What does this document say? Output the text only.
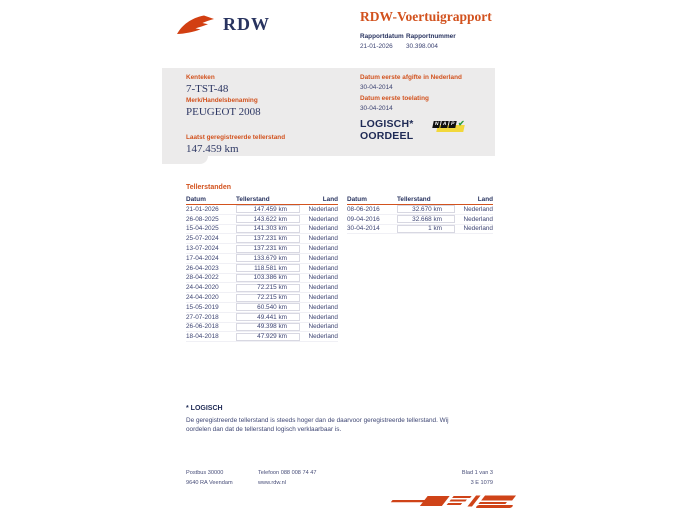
RDW	RDW-Voertuigrapport
Rapportdatum
21-01-2026
Rapportnummer
30.398.004
Kenteken
7-TST-48
Merk/Handelsbenaming
PEUGEOT 2008
Laatst geregistreerde tellerstand
147.459 km
Datum eerste afgifte in Nederland
30-04-2014
Datum eerste toelating
30-04-2014
LOGISCH*
OORDEEL
N A P ✔
Tellerstanden
Datum	Tellerstand	Land
21-01-2026	147.459 km	Nederland
26-08-2025	143.622 km	Nederland
15-04-2025	141.303 km	Nederland
25-07-2024	137.231 km	Nederland
13-07-2024	137.231 km	Nederland
17-04-2024	133.679 km	Nederland
26-04-2023	118.581 km	Nederland
28-04-2022	103.386 km	Nederland
24-04-2020	72.215 km	Nederland
24-04-2020	72.215 km	Nederland
15-05-2019	60.540 km	Nederland
27-07-2018	49.441 km	Nederland
26-06-2018	49.398 km	Nederland
18-04-2018	47.929 km	Nederland
Datum	Tellerstand	Land
08-06-2016	32.670 km	Nederland
09-04-2016	32.668 km	Nederland
30-04-2014	1 km	Nederland
* LOGISCH
De geregistreerde tellerstand is steeds hoger dan de daarvoor geregistreerde tellerstand. Wij oordelen dan dat de tellerstand logisch verklaarbaar is.
Postbus 30000
9640 RA Veendam
Telefoon 088 008 74 47
www.rdw.nl
Blad 1 van 3
3 E 1079
